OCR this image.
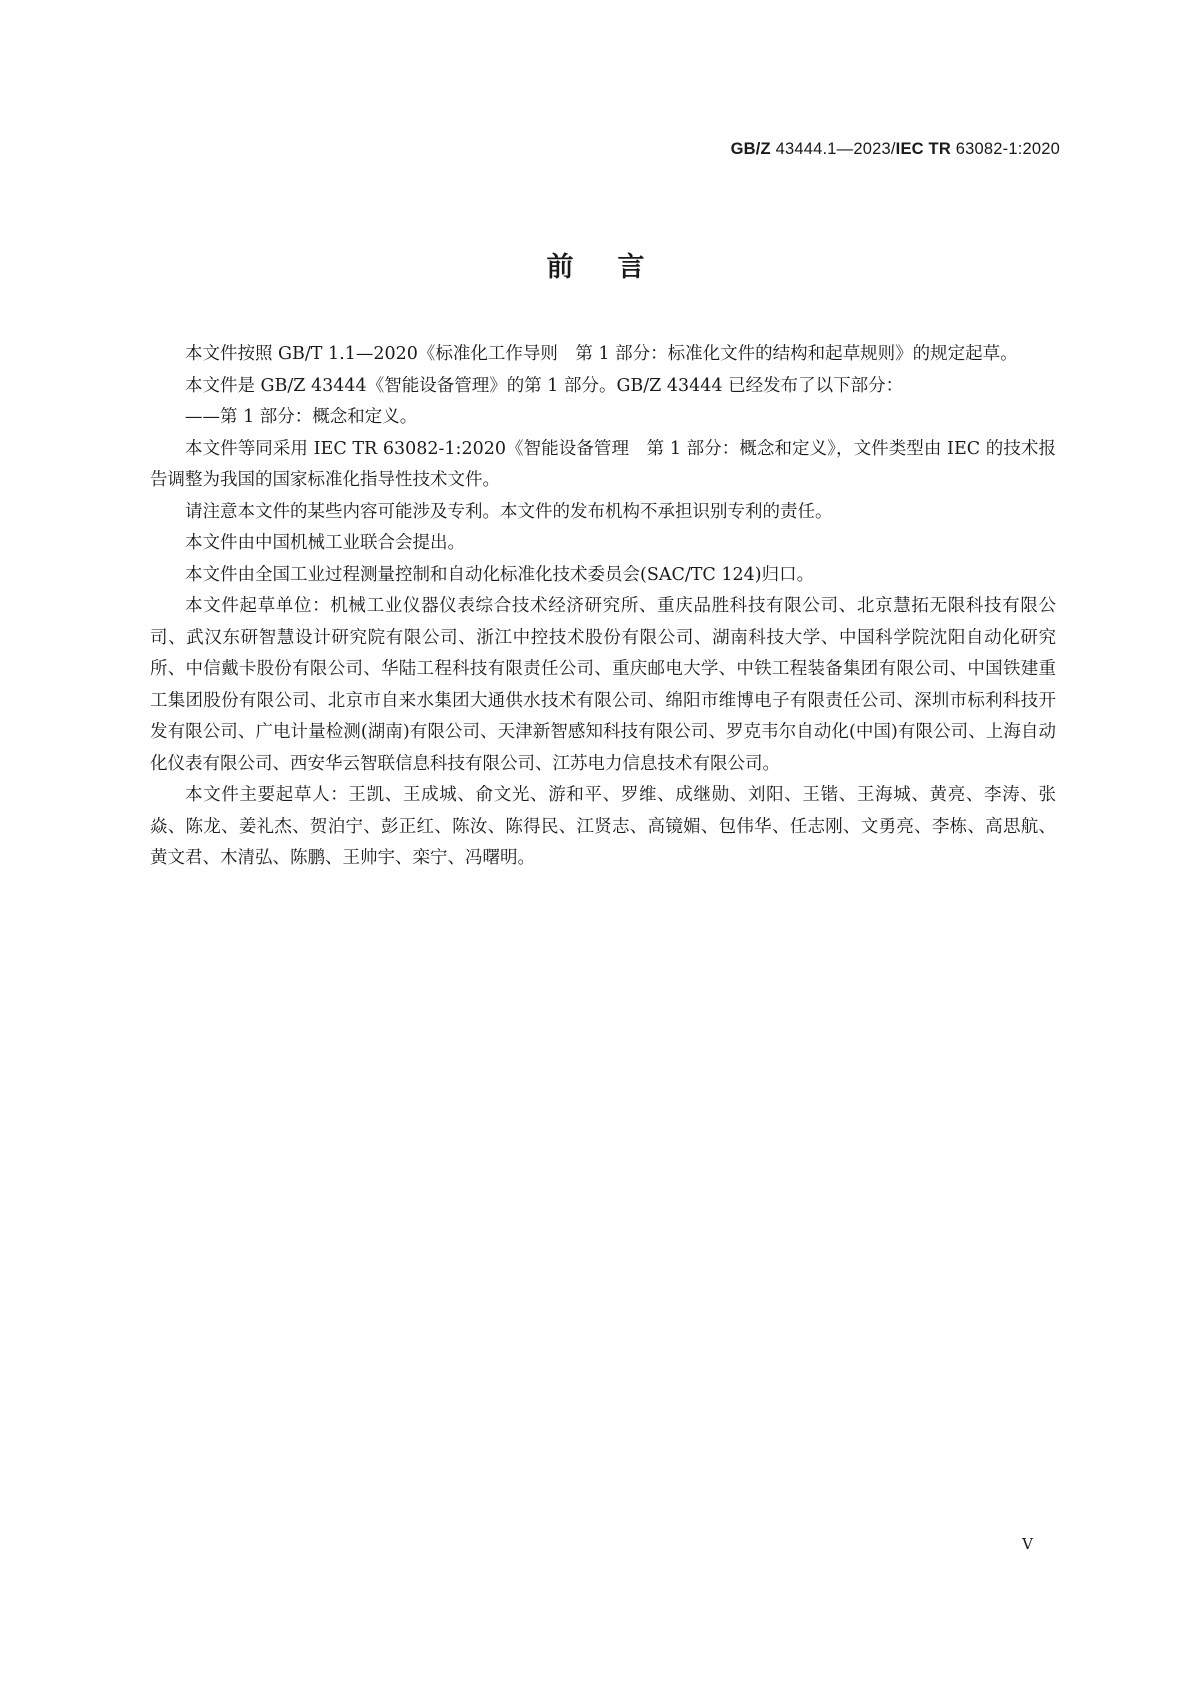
GB/Z 43444.1—2023/IEC TR 63082-1:2020
前言

本文件按照 GB/T 1.1—2020《标准化工作导则　第 1 部分：标准化文件的结构和起草规则》的规定起草。

本文件是 GB/Z 43444《智能设备管理》的第 1 部分。GB/Z 43444 已经发布了以下部分：

——第 1 部分：概念和定义。

本文件等同采用 IEC TR 63082-1:2020《智能设备管理　第 1 部分：概念和定义》，文件类型由 IEC 的技术报告调整为我国的国家标准化指导性技术文件。

请注意本文件的某些内容可能涉及专利。本文件的发布机构不承担识别专利的责任。

本文件由中国机械工业联合会提出。

本文件由全国工业过程测量控制和自动化标准化技术委员会(SAC/TC 124)归口。

本文件起草单位：机械工业仪器仪表综合技术经济研究所、重庆品胜科技有限公司、北京慧拓无限科技有限公司、武汉东研智慧设计研究院有限公司、浙江中控技术股份有限公司、湖南科技大学、中国科学院沈阳自动化研究所、中信戴卡股份有限公司、华陆工程科技有限责任公司、重庆邮电大学、中铁工程装备集团有限公司、中国铁建重工集团股份有限公司、北京市自来水集团大通供水技术有限公司、绵阳市维博电子有限责任公司、深圳市标利科技开发有限公司、广电计量检测(湖南)有限公司、天津新智感知科技有限公司、罗克韦尔自动化(中国)有限公司、上海自动化仪表有限公司、西安华云智联信息科技有限公司、江苏电力信息技术有限公司。

本文件主要起草人：王凯、王成城、俞文光、游和平、罗维、成继勋、刘阳、王锴、王海城、黄亮、李涛、张焱、陈龙、姜礼杰、贺泊宁、彭正红、陈汝、陈得民、江贤志、高镜媚、包伟华、任志刚、文勇亮、李栋、高思航、黄文君、木清弘、陈鹏、王帅宇、栾宁、冯曙明。

V
